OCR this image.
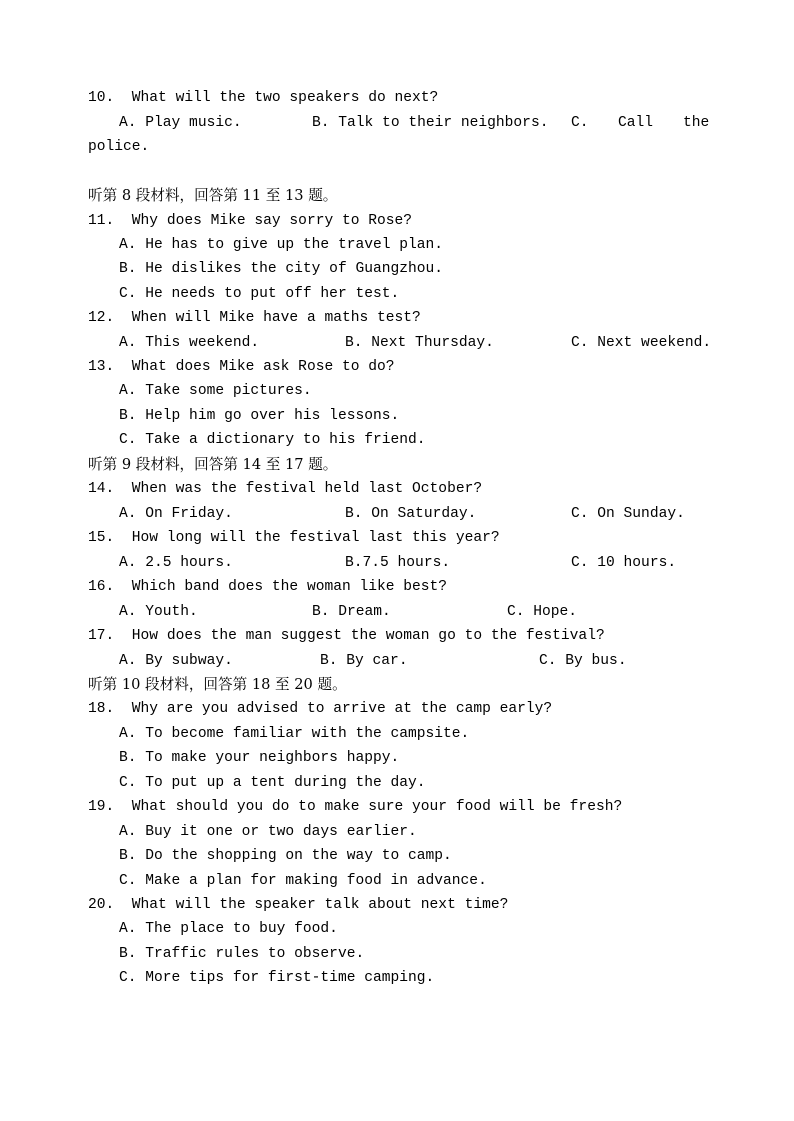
10.  What will the two speakers do next?
A. Play music.	B. Talk to their neighbors. C. Call the
police.
听第 8 段材料，回答第 11 至 13 题。
11.  Why does Mike say sorry to Rose?
A. He has to give up the travel plan.
B. He dislikes the city of Guangzhou.
C. He needs to put off her test.
12.  When will Mike have a maths test?
A. This weekend.	B. Next Thursday.	C. Next weekend.
13.  What does Mike ask Rose to do?
A. Take some pictures.
B. Help him go over his lessons.
C. Take a dictionary to his friend.
听第 9 段材料，回答第 14 至 17 题。
14.  When was the festival held last October?
A. On Friday.	B. On Saturday.	C. On Sunday.
15.  How long will the festival last this year?
A. 2.5 hours.	B.7.5 hours.	C. 10 hours.
16.  Which band does the woman like best?
A. Youth.	B. Dream.	C. Hope.
17.  How does the man suggest the woman go to the festival?
A. By subway.	B. By car.	C. By bus.
听第 10 段材料，回答第 18 至 20 题。
18.  Why are you advised to arrive at the camp early?
A. To become familiar with the campsite.
B. To make your neighbors happy.
C. To put up a tent during the day.
19.  What should you do to make sure your food will be fresh?
A. Buy it one or two days earlier.
B. Do the shopping on the way to camp.
C. Make a plan for making food in advance.
20.  What will the speaker talk about next time?
A. The place to buy food.
B. Traffic rules to observe.
C. More tips for first-time camping.
